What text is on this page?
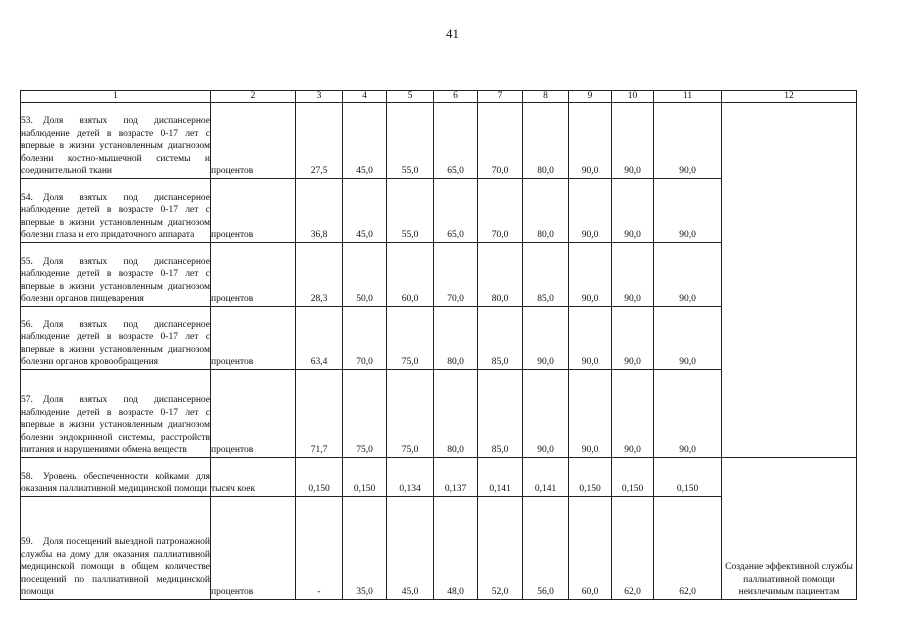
41
1	2	3	4	5	6	7	8	9	10	11	12
53. Доля взятых под диспансерное наблюдение детей в возрасте 0-17 лет с впервые в жизни установленным диагнозом болезни костно-мышечной системы и соединительной ткани	процентов	27,5	45,0	55,0	65,0	70,0	80,0	90,0	90,0	90,0	
54. Доля взятых под диспансерное наблюдение детей в возрасте 0-17 лет с впервые в жизни установленным диагнозом болезни глаза и его придаточного аппарата	процентов	36,8	45,0	55,0	65,0	70,0	80,0	90,0	90,0	90,0	
55. Доля взятых под диспансерное наблюдение детей в возрасте 0-17 лет с впервые в жизни установленным диагнозом болезни органов пищеварения	процентов	28,3	50,0	60,0	70,0	80,0	85,0	90,0	90,0	90,0	
56. Доля взятых под диспансерное наблюдение детей в возрасте 0-17 лет с впервые в жизни установленным диагнозом болезни органов кровообращения	процентов	63,4	70,0	75,0	80,0	85,0	90,0	90,0	90,0	90,0	
57. Доля взятых под диспансерное наблюдение детей в возрасте 0-17 лет с впервые в жизни установленным диагнозом болезни эндокринной системы, расстройств питания и нарушениями обмена веществ	процентов	71,7	75,0	75,0	80,0	85,0	90,0	90,0	90,0	90,0	
58. Уровень обеспеченности койками для оказания паллиативной медицинской помощи	тысяч коек	0,150	0,150	0,134	0,137	0,141	0,141	0,150	0,150	0,150	Создание эффективной службы паллиативной помощи неизлечимым пациентам
59. Доля посещений выездной патронажной службы на дому для оказания паллиативной медицинской помощи в общем количестве посещений по паллиативной медицинской помощи	процентов	-	35,0	45,0	48,0	52,0	56,0	60,0	62,0	62,0	
